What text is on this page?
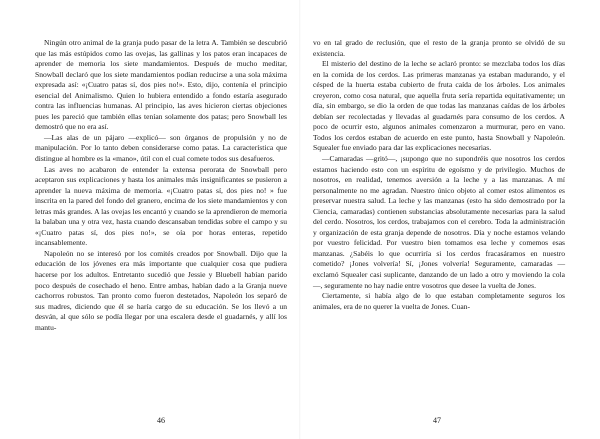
Ningún otro animal de la granja pudo pasar de la letra A. También se descubrió que las más estúpidos como las ovejas, las gallinas y los patos eran incapaces de aprender de memoria los siete mandamientos. Después de mucho meditar, Snowball declaró que los siete mandamientos podían reducirse a una sola máxima expresada así: «¡Cuatro patas sí, dos pies no!». Esto, dijo, contenía el principio esencial del Animalismo. Quien lo hubiera entendido a fondo estaría asegurado contra las influencias humanas. Al principio, las aves hicieron ciertas objeciones pues les pareció que también ellas tenían solamente dos patas; pero Snowball les demostró que no era así.

—Las alas de un pájaro —explicó— son órganos de propulsión y no de manipulación. Por lo tanto deben considerarse como patas. La característica que distingue al hombre es la «mano», útil con el cual comete todos sus desafueros.

Las aves no acabaron de entender la extensa perorata de Snowball pero aceptaron sus explicaciones y hasta los animales más insignificantes se pusieron a aprender la nueva máxima de memoria. «¡Cuatro patas sí, dos pies no! » fue inscrita en la pared del fondo del granero, encima de los siete mandamientos y con letras más grandes. A las ovejas les encantó y cuando se la aprendieron de memoria la balaban una y otra vez, hasta cuando descansaban tendidas sobre el campo y su «¡Cuatro patas sí, dos pies no!», se oía por horas enteras, repetido incansablemente.

Napoleón no se interesó por los comités creados por Snowball. Dijo que la educación de los jóvenes era más importante que cualquier cosa que pudiera hacerse por los adultos. Entretanto sucedió que Jessie y Bluebell habían parido poco después de cosechado el heno. Entre ambas, habían dado a la Granja nueve cachorros robustos. Tan pronto como fueron destetados, Napoleón los separó de sus madres, diciendo que él se haría cargo de su educación. Se los llevó a un desván, al que sólo se podía llegar por una escalera desde el guadarnés, y allí los mantu-

vo en tal grado de reclusión, que el resto de la granja pronto se olvidó de su existencia.

El misterio del destino de la leche se aclaró pronto: se mezclaba todos los días en la comida de los cerdos. Las primeras manzanas ya estaban madurando, y el césped de la huerta estaba cubierto de fruta caída de los árboles. Los animales creyeron, como cosa natural, que aquella fruta sería repartida equitativamente; un día, sin embargo, se dio la orden de que todas las manzanas caídas de los árboles debían ser recolectadas y llevadas al guadarnés para consumo de los cerdos. A poco de ocurrir esto, algunos animales comenzaron a murmurar, pero en vano. Todos los cerdos estaban de acuerdo en este punto, hasta Snowball y Napoleón. Squealer fue enviado para dar las explicaciones necesarias.

—Camaradas —gritó—, ¡supongo que no supondréis que nosotros los cerdos estamos haciendo esto con un espíritu de egoísmo y de privilegio. Muchos de nosotros, en realidad, tenemos aversión a la leche y a las manzanas. A mí personalmente no me agradan. Nuestro único objeto al comer estos alimentos es preservar nuestra salud. La leche y las manzanas (esto ha sido demostrado por la Ciencia, camaradas) contienen substancias absolutamente necesarias para la salud del cerdo. Nosotros, los cerdos, trabajamos con el cerebro. Toda la administración y organización de esta granja depende de nosotros. Día y noche estamos velando por vuestro felicidad. Por vuestro bien tomamos esa leche y comemos esas manzanas. ¿Sabéis lo que ocurriría si los cerdos fracasáramos en nuestro cometido? ¡Jones volvería! Sí, ¡Jones volvería! Seguramente, camaradas —exclamó Squealer casi suplicante, danzando de un lado a otro y moviendo la cola—, seguramente no hay nadie entre vosotros que desee la vuelta de Jones.

Ciertamente, si había algo de lo que estaban completamente seguros los animales, era de no querer la vuelta de Jones. Cuan-

46	47
